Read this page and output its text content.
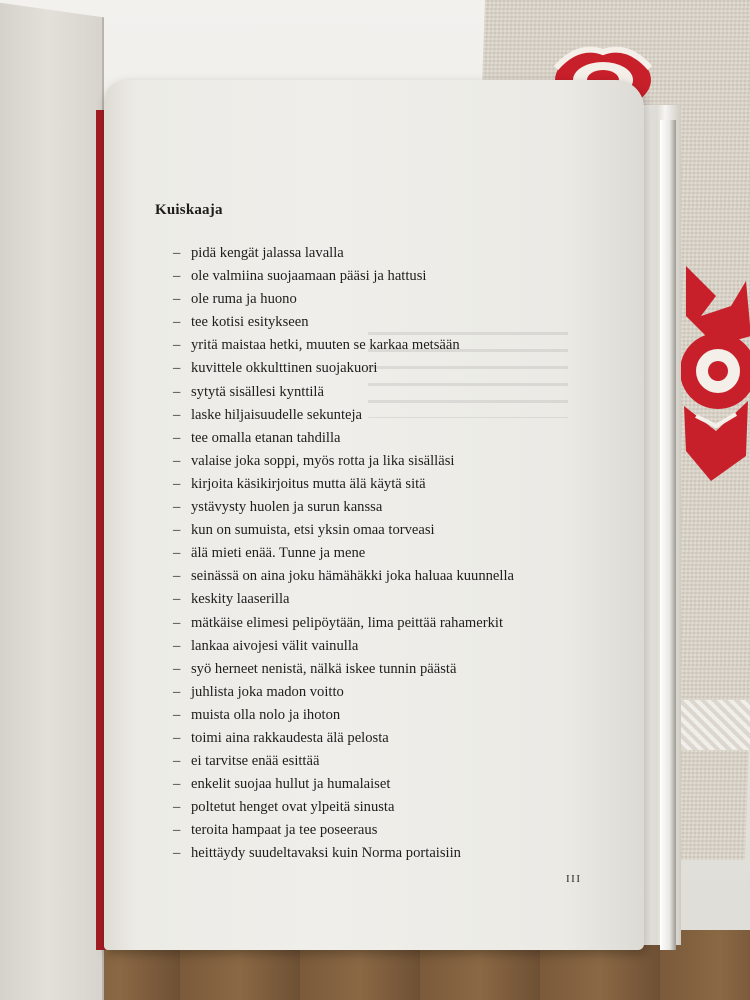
Kuiskaaja
– pidä kengät jalassa lavalla
– ole valmiina suojaamaan pääsi ja hattusi
– ole ruma ja huono
– tee kotisi esitykseen
– yritä maistaa hetki, muuten se karkaa metsään
– kuvittele okkulttinen suojakuori
– sytytä sisällesi kynttilä
– laske hiljaisuudelle sekunteja
– tee omalla etanan tahdilla
– valaise joka soppi, myös rotta ja lika sisälläsi
– kirjoita käsikirjoitus mutta älä käytä sitä
– ystävysty huolen ja surun kanssa
– kun on sumuista, etsi yksin omaa torveasi
– älä mieti enää. Tunne ja mene
– seinässä on aina joku hämähäkki joka haluaa kuunnella
– keskity laaserilla
– mätkäise elimesi pelipöytään, lima peittää rahamerkit
– lankaa aivojesi välit vainulla
– syö herneet nenistä, nälkä iskee tunnin päästä
– juhlista joka madon voitto
– muista olla nolo ja ihoton
– toimi aina rakkaudesta älä pelosta
– ei tarvitse enää esittää
– enkelit suojaa hullut ja humalaiset
– poltetut henget ovat ylpeitä sinusta
– teroita hampaat ja tee poseeraus
– heittäydy suudeltavaksi kuin Norma portaisiin
III
